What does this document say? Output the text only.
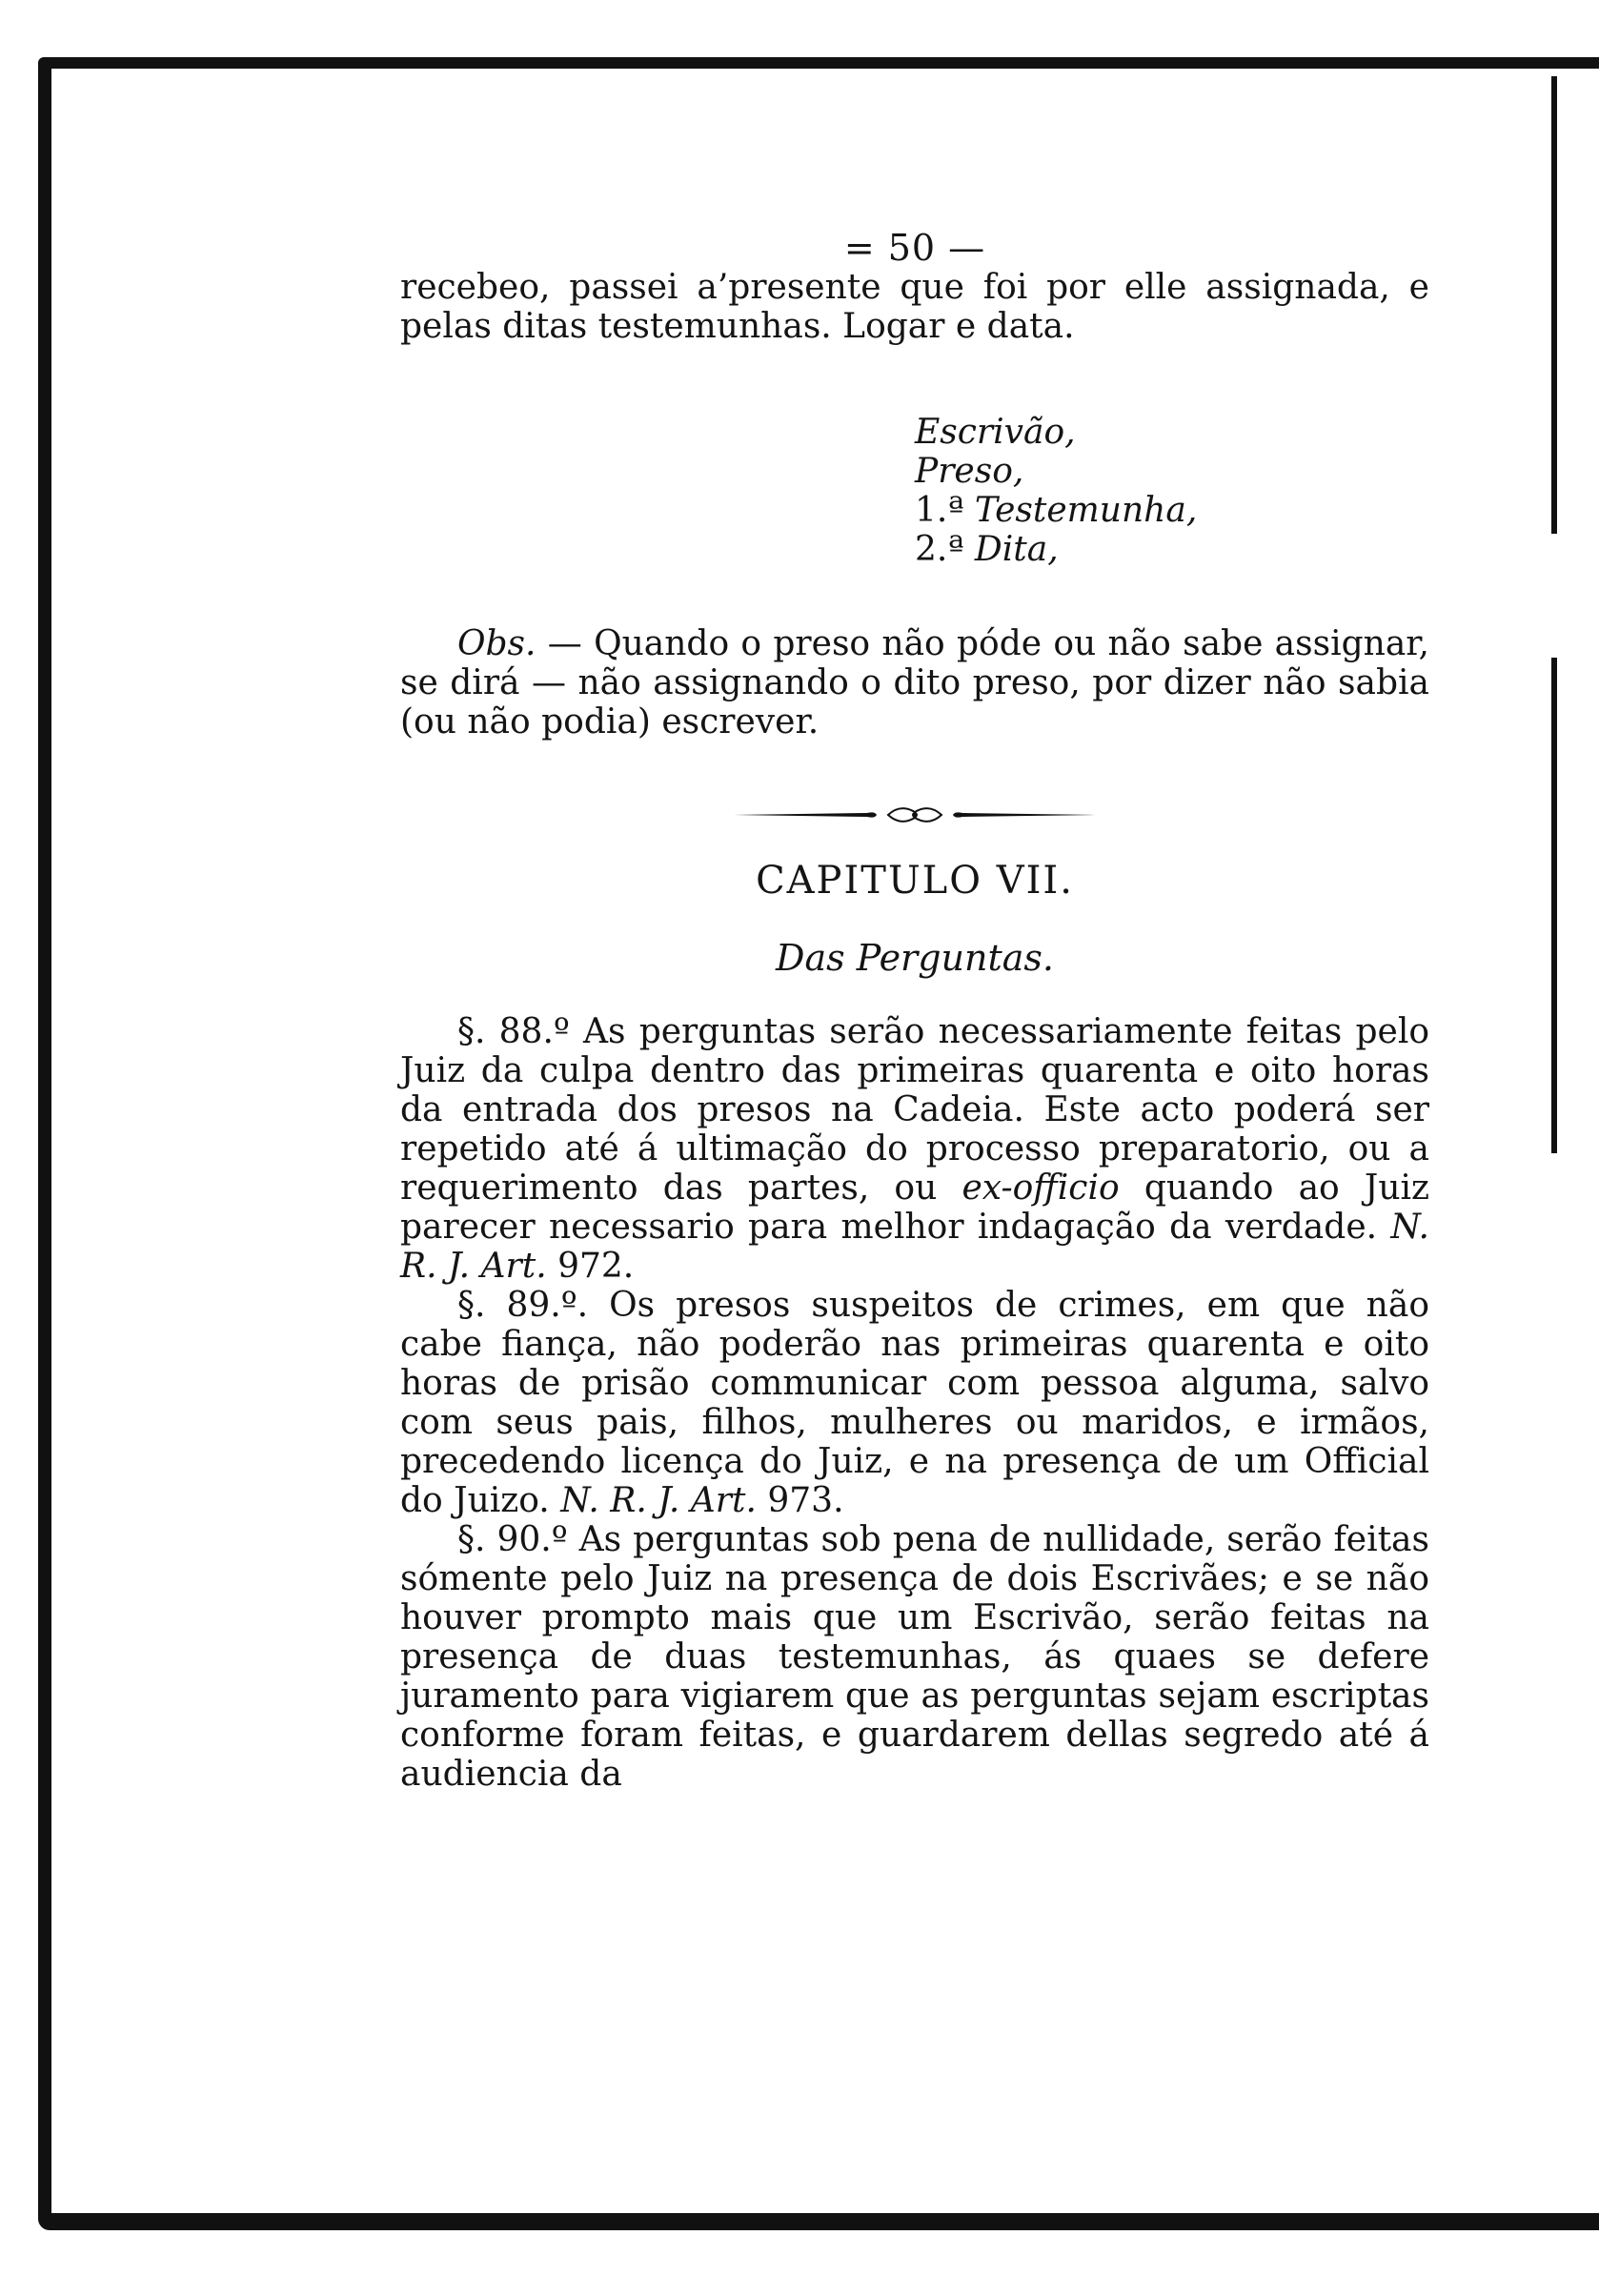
= 50 —

recebeo, passei a’presente que foi por elle assignada, e pelas ditas testemunhas. Logar e data.

Escrivão,
Preso,
1.ª Testemunha,
2.ª Dita,

Obs. — Quando o preso não póde ou não sabe assignar, se dirá — não assignando o dito preso, por dizer não sabia (ou não podia) escrever.

CAPITULO VII.
Das Perguntas.

§. 88.º As perguntas serão necessariamente feitas pelo Juiz da culpa dentro das primeiras quarenta e oito horas da entrada dos presos na Cadeia. Este acto poderá ser repetido até á ultimação do processo preparatorio, ou a requerimento das partes, ou ex-officio quando ao Juiz parecer necessario para melhor indagação da verdade. N. R. J. Art. 972.

§. 89.º. Os presos suspeitos de crimes, em que não cabe fiança, não poderão nas primeiras quarenta e oito horas de prisão communicar com pessoa alguma, salvo com seus pais, filhos, mulheres ou maridos, e irmãos, precedendo licença do Juiz, e na presença de um Official do Juizo. N. R. J. Art. 973.

§. 90.º As perguntas sob pena de nullidade, serão feitas sómente pelo Juiz na presença de dois Escrivães; e se não houver prompto mais que um Escrivão, serão feitas na presença de duas testemunhas, ás quaes se defere juramento para vigiarem que as perguntas sejam escriptas conforme foram feitas, e guardarem dellas segredo até á audiencia da
